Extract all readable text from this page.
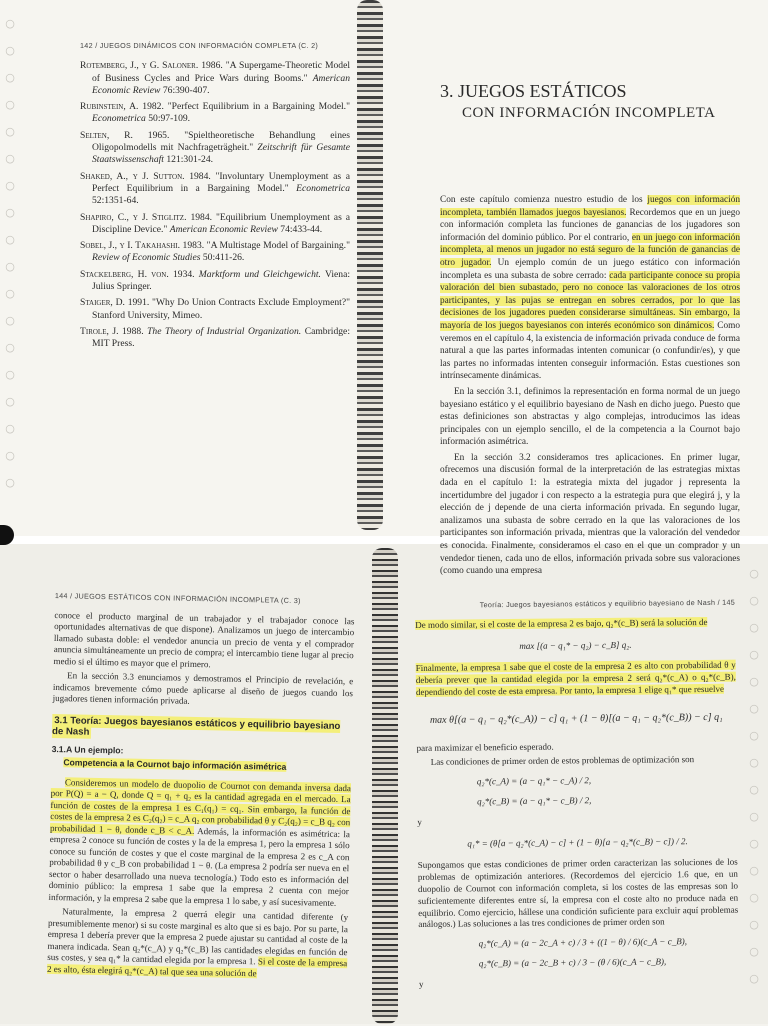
○
○
○
○
○
○
○
○
○
○
○
○
○
○
○
○
○
○
○
○
○
○
○
○
○
○
○
○
○
○
○
○
○
○
142 / JUEGOS DINÁMICOS CON INFORMACIÓN COMPLETA (C. 2)

Rotemberg, J., y G. Saloner. 1986. "A Supergame-Theoretic Model of Business Cycles and Price Wars during Booms." American Economic Review 76:390-407.

Rubinstein, A. 1982. "Perfect Equilibrium in a Bargaining Model." Econometrica 50:97-109.

Selten, R. 1965. "Spieltheoretische Behandlung eines Oligopolmodells mit Nachfrageträgheit." Zeitschrift für Gesamte Staatswissenschaft 121:301-24.

Shaked, A., y J. Sutton. 1984. "Involuntary Unemployment as a Perfect Equilibrium in a Bargaining Model." Econometrica 52:1351-64.

Shapiro, C., y J. Stiglitz. 1984. "Equilibrium Unemployment as a Discipline Device." American Economic Review 74:433-44.

Sobel, J., y I. Takahashi. 1983. "A Multistage Model of Bargaining." Review of Economic Studies 50:411-26.

Stackelberg, H. von. 1934. Marktform und Gleichgewicht. Viena: Julius Springer.

Staiger, D. 1991. "Why Do Union Contracts Exclude Employment?" Stanford University, Mimeo.

Tirole, J. 1988. The Theory of Industrial Organization. Cambridge: MIT Press.

3. JUEGOS ESTÁTICOS
CON INFORMACIÓN INCOMPLETA

Con este capítulo comienza nuestro estudio de los juegos con información incompleta, también llamados juegos bayesianos. Recordemos que en un juego con información completa las funciones de ganancias de los jugadores son información del dominio público. Por el contrario, en un juego con información incompleta, al menos un jugador no está seguro de la función de ganancias de otro jugador. Un ejemplo común de un juego estático con información incompleta es una subasta de sobre cerrado: cada participante conoce su propia valoración del bien subastado, pero no conoce las valoraciones de los otros participantes, y las pujas se entregan en sobres cerrados, por lo que las decisiones de los jugadores pueden considerarse simultáneas. Sin embargo, la mayoría de los juegos bayesianos con interés económico son dinámicos. Como veremos en el capítulo 4, la existencia de información privada conduce de forma natural a que las partes informadas intenten comunicar (o confundir/es), y que las partes no informadas intenten conseguir información. Estas cuestiones son intrínsecamente dinámicas.

En la sección 3.1, definimos la representación en forma normal de un juego bayesiano estático y el equilibrio bayesiano de Nash en dicho juego. Puesto que estas definiciones son abstractas y algo complejas, introducimos las ideas principales con un ejemplo sencillo, el de la competencia a la Cournot bajo información asimétrica.

En la sección 3.2 consideramos tres aplicaciones. En primer lugar, ofrecemos una discusión formal de la interpretación de las estrategias mixtas dada en el capítulo 1: la estrategia mixta del jugador j representa la incertidumbre del jugador i con respecto a la estrategia pura que elegirá j, y la elección de j depende de una cierta información privada. En segundo lugar, analizamos una subasta de sobre cerrado en la que las valoraciones de los participantes son información privada, mientras que la valoración del vendedor es conocida. Finalmente, consideramos el caso en el que un comprador y un vendedor tienen, cada uno de ellos, información privada sobre sus valoraciones (como cuando una empresa

144 / JUEGOS ESTÁTICOS CON INFORMACIÓN INCOMPLETA (C. 3)

conoce el producto marginal de un trabajador y el trabajador conoce las oportunidades alternativas de que dispone). Analizamos un juego de intercambio llamado subasta doble: el vendedor anuncia un precio de venta y el comprador anuncia simultáneamente un precio de compra; el intercambio tiene lugar al precio medio si el último es mayor que el primero.

En la sección 3.3 enunciamos y demostramos el Principio de revelación, e indicamos brevemente cómo puede aplicarse al diseño de juegos cuando los jugadores tienen información privada.

3.1 Teoría: Juegos bayesianos estáticos y equilibrio bayesiano de Nash
3.1.A Un ejemplo:
Competencia a la Cournot bajo información asimétrica

Consideremos un modelo de duopolio de Cournot con demanda inversa dada por P(Q) = a − Q, donde Q = q₁ + q₂ es la cantidad agregada en el mercado. La función de costes de la empresa 1 es C₁(q₁) = cq₁. Sin embargo, la función de costes de la empresa 2 es C₂(q₂) = c_A q₂ con probabilidad θ y C₂(q₂) = c_B q₂ con probabilidad 1 − θ, donde c_B < c_A. Además, la información es asimétrica: la empresa 2 conoce su función de costes y la de la empresa 1, pero la empresa 1 sólo conoce su función de costes y que el coste marginal de la empresa 2 es c_A con probabilidad θ y c_B con probabilidad 1 − θ. (La empresa 2 podría ser nueva en el sector o haber desarrollado una nueva tecnología.) Todo esto es información del dominio público: la empresa 1 sabe que la empresa 2 cuenta con mejor información, y la empresa 2 sabe que la empresa 1 lo sabe, y así sucesivamente.

Naturalmente, la empresa 2 querrá elegir una cantidad diferente (y presumiblemente menor) si su coste marginal es alto que si es bajo. Por su parte, la empresa 1 debería prever que la empresa 2 puede ajustar su cantidad al coste de la manera indicada. Sean q₂*(c_A) y q₂*(c_B) las cantidades elegidas en función de sus costes, y sea q₁* la cantidad elegida por la empresa 1. Si el coste de la empresa 2 es alto, ésta elegirá q₂*(c_A) tal que sea una solución de

Teoría: Juegos bayesianos estáticos y equilibrio bayesiano de Nash / 145

De modo similar, si el coste de la empresa 2 es bajo, q₂*(c_B) será la solución de

max [(a − q₁* − q₂) − c_B] q₂.

Finalmente, la empresa 1 sabe que el coste de la empresa 2 es alto con probabilidad θ y debería prever que la cantidad elegida por la empresa 2 será q₂*(c_A) o q₂*(c_B), dependiendo del coste de esta empresa. Por tanto, la empresa 1 elige q₁* que resuelve

max θ[(a − q₁ − q₂*(c_A)) − c] q₁ + (1 − θ)[(a − q₁ − q₂*(c_B)) − c] q₁

para maximizar el beneficio esperado.

Las condiciones de primer orden de estos problemas de optimización son

q₂*(c_A) = (a − q₁* − c_A) / 2,
q₂*(c_B) = (a − q₁* − c_B) / 2,
y
q₁* = (θ[a − q₂*(c_A) − c] + (1 − θ)[a − q₂*(c_B) − c]) / 2.

Supongamos que estas condiciones de primer orden caracterizan las soluciones de los problemas de optimización anteriores. (Recordemos del ejercicio 1.6 que, en un duopolio de Cournot con información completa, si los costes de las empresas son lo suficientemente diferentes entre sí, la empresa con el coste alto no produce nada en equilibrio. Como ejercicio, hállese una condición suficiente para excluir aquí problemas análogos.) Las soluciones a las tres condiciones de primer orden son

q₂*(c_A) = (a − 2c_A + c) / 3 + ((1 − θ) / 6)(c_A − c_B),
q₂*(c_B) = (a − 2c_B + c) / 3 − (θ / 6)(c_A − c_B),
y
